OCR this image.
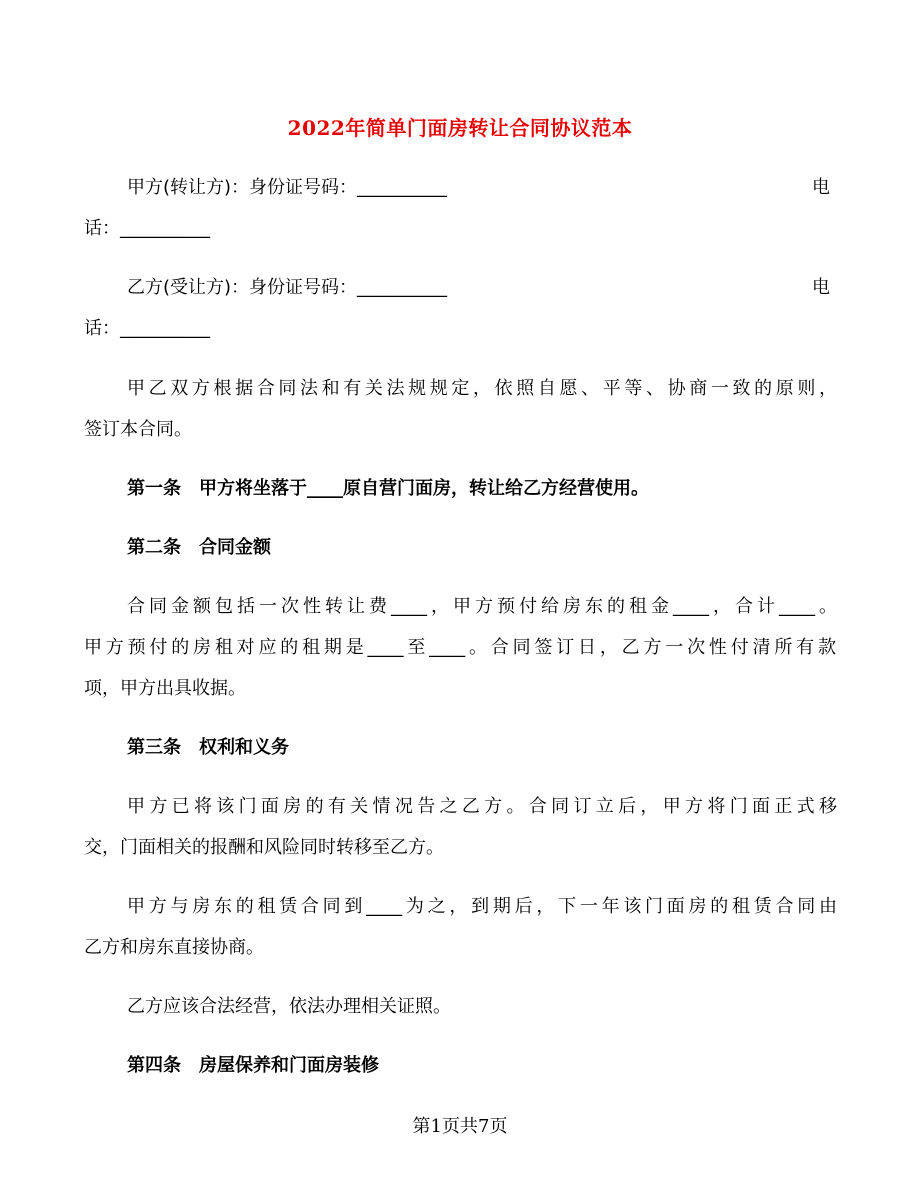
2022年简单门面房转让合同协议范本
甲方(转让方)：身份证号码：__________	电
话：__________
乙方(受让方)：身份证号码：__________	电
话：__________
甲乙双方根据合同法和有关法规规定，依照自愿、平等、协商一致的原则，
签订本合同。
第一条　甲方将坐落于____原自营门面房，转让给乙方经营使用。
第二条　合同金额
合同金额包括一次性转让费____，甲方预付给房东的租金____，合计____。
甲方预付的房租对应的租期是____至____。合同签订日，乙方一次性付清所有款
项，甲方出具收据。
第三条　权利和义务
甲方已将该门面房的有关情况告之乙方。合同订立后，甲方将门面正式移
交，门面相关的报酬和风险同时转移至乙方。
甲方与房东的租赁合同到____为之，到期后，下一年该门面房的租赁合同由
乙方和房东直接协商。
乙方应该合法经营，依法办理相关证照。
第四条　房屋保养和门面房装修
第1页共7页
